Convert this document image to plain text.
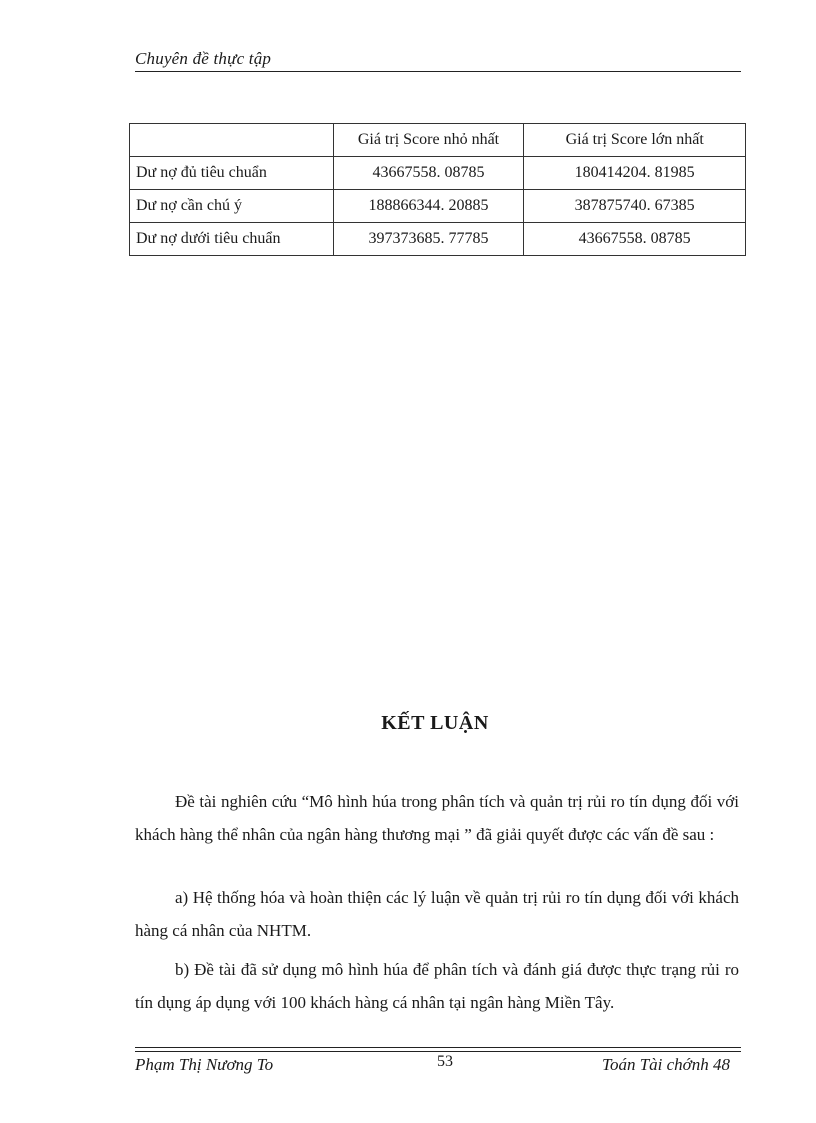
Chuyên đề thực tập
	Giá trị Score nhỏ nhất	Giá trị Score lớn nhất
Dư nợ đủ tiêu chuẩn	43667558. 08785	180414204. 81985
Dư nợ cần chú ý	188866344. 20885	387875740. 67385
Dư nợ dưới tiêu chuẩn	397373685. 77785	43667558. 08785
KẾT LUẬN
Đề tài nghiên cứu “Mô hình húa trong phân tích và quản trị rủi ro tín dụng đối với khách hàng thể nhân của ngân hàng thương mại ” đã giải quyết được các vấn đề sau :
a) Hệ thống hóa và hoàn thiện các lý luận về quản trị rủi ro tín dụng đối với khách hàng cá nhân của NHTM.
b) Đề tài đã sử dụng mô hình húa để phân tích và đánh giá được thực trạng rủi ro tín dụng áp dụng với 100 khách hàng cá nhân tại ngân hàng Miền Tây.
Phạm Thị Nương To	53	Toán Tài chớnh 48
